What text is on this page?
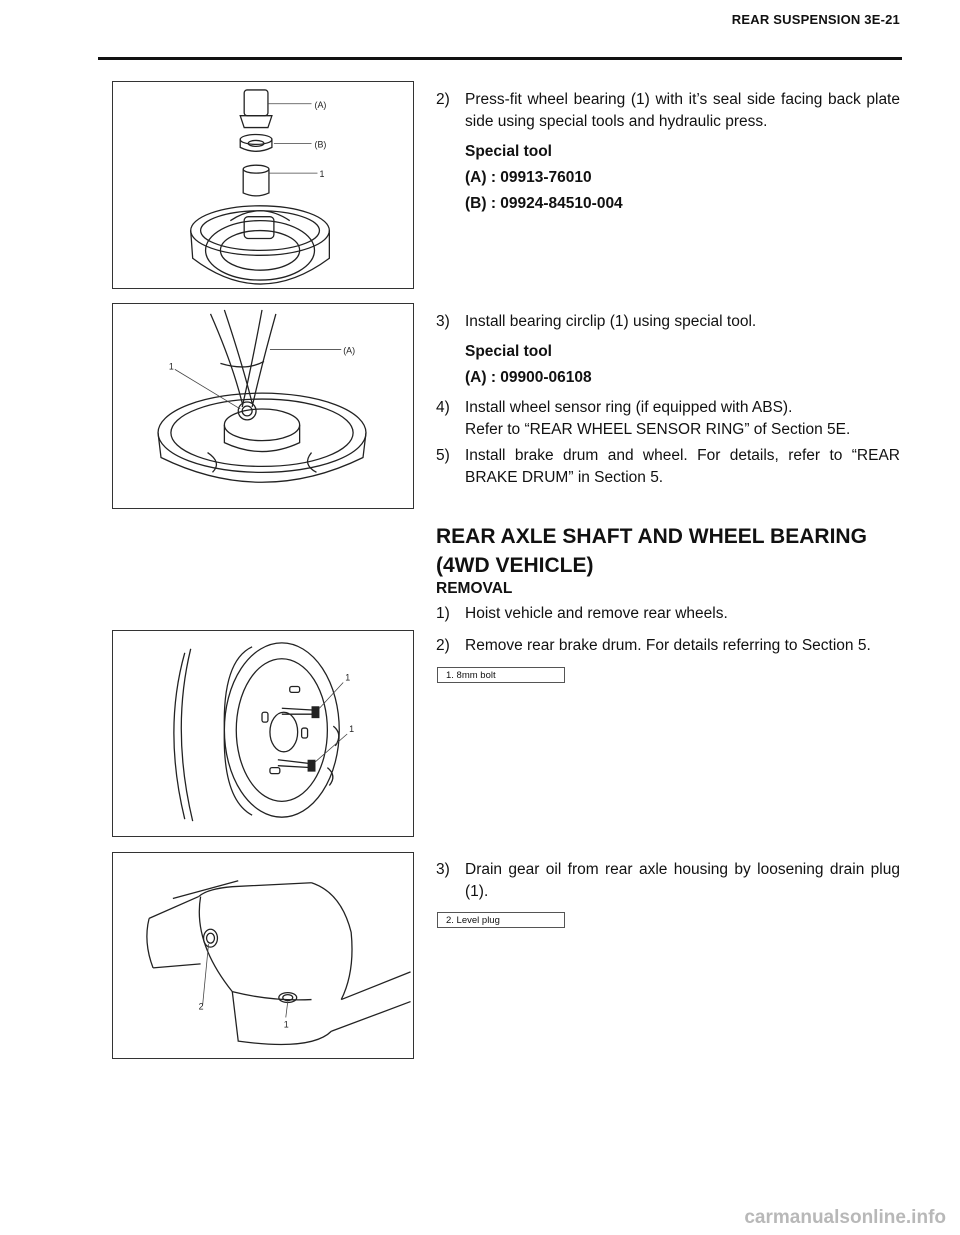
REAR SUSPENSION 3E-21
(A)
(B)
1
(A)
1
1
1
2
1
2) Press-fit wheel bearing (1) with it’s seal side facing back plate side using special tools and hydraulic press.
Special tool
(A) : 09913-76010
(B) : 09924-84510-004
3) Install bearing circlip (1) using special tool.
Special tool
(A) : 09900-06108
4) Install wheel sensor ring (if equipped with ABS).
Refer to “REAR WHEEL SENSOR RING” of Section 5E.
5) Install brake drum and wheel. For details, refer to “REAR BRAKE DRUM” in Section 5.
REAR AXLE SHAFT AND WHEEL BEARING
(4WD VEHICLE)
REMOVAL
1) Hoist vehicle and remove rear wheels.
2) Remove rear brake drum. For details referring to Section 5.
1. 8mm bolt
3) Drain gear oil from rear axle housing by loosening drain plug (1).
2. Level plug
carmanualsonline.info
